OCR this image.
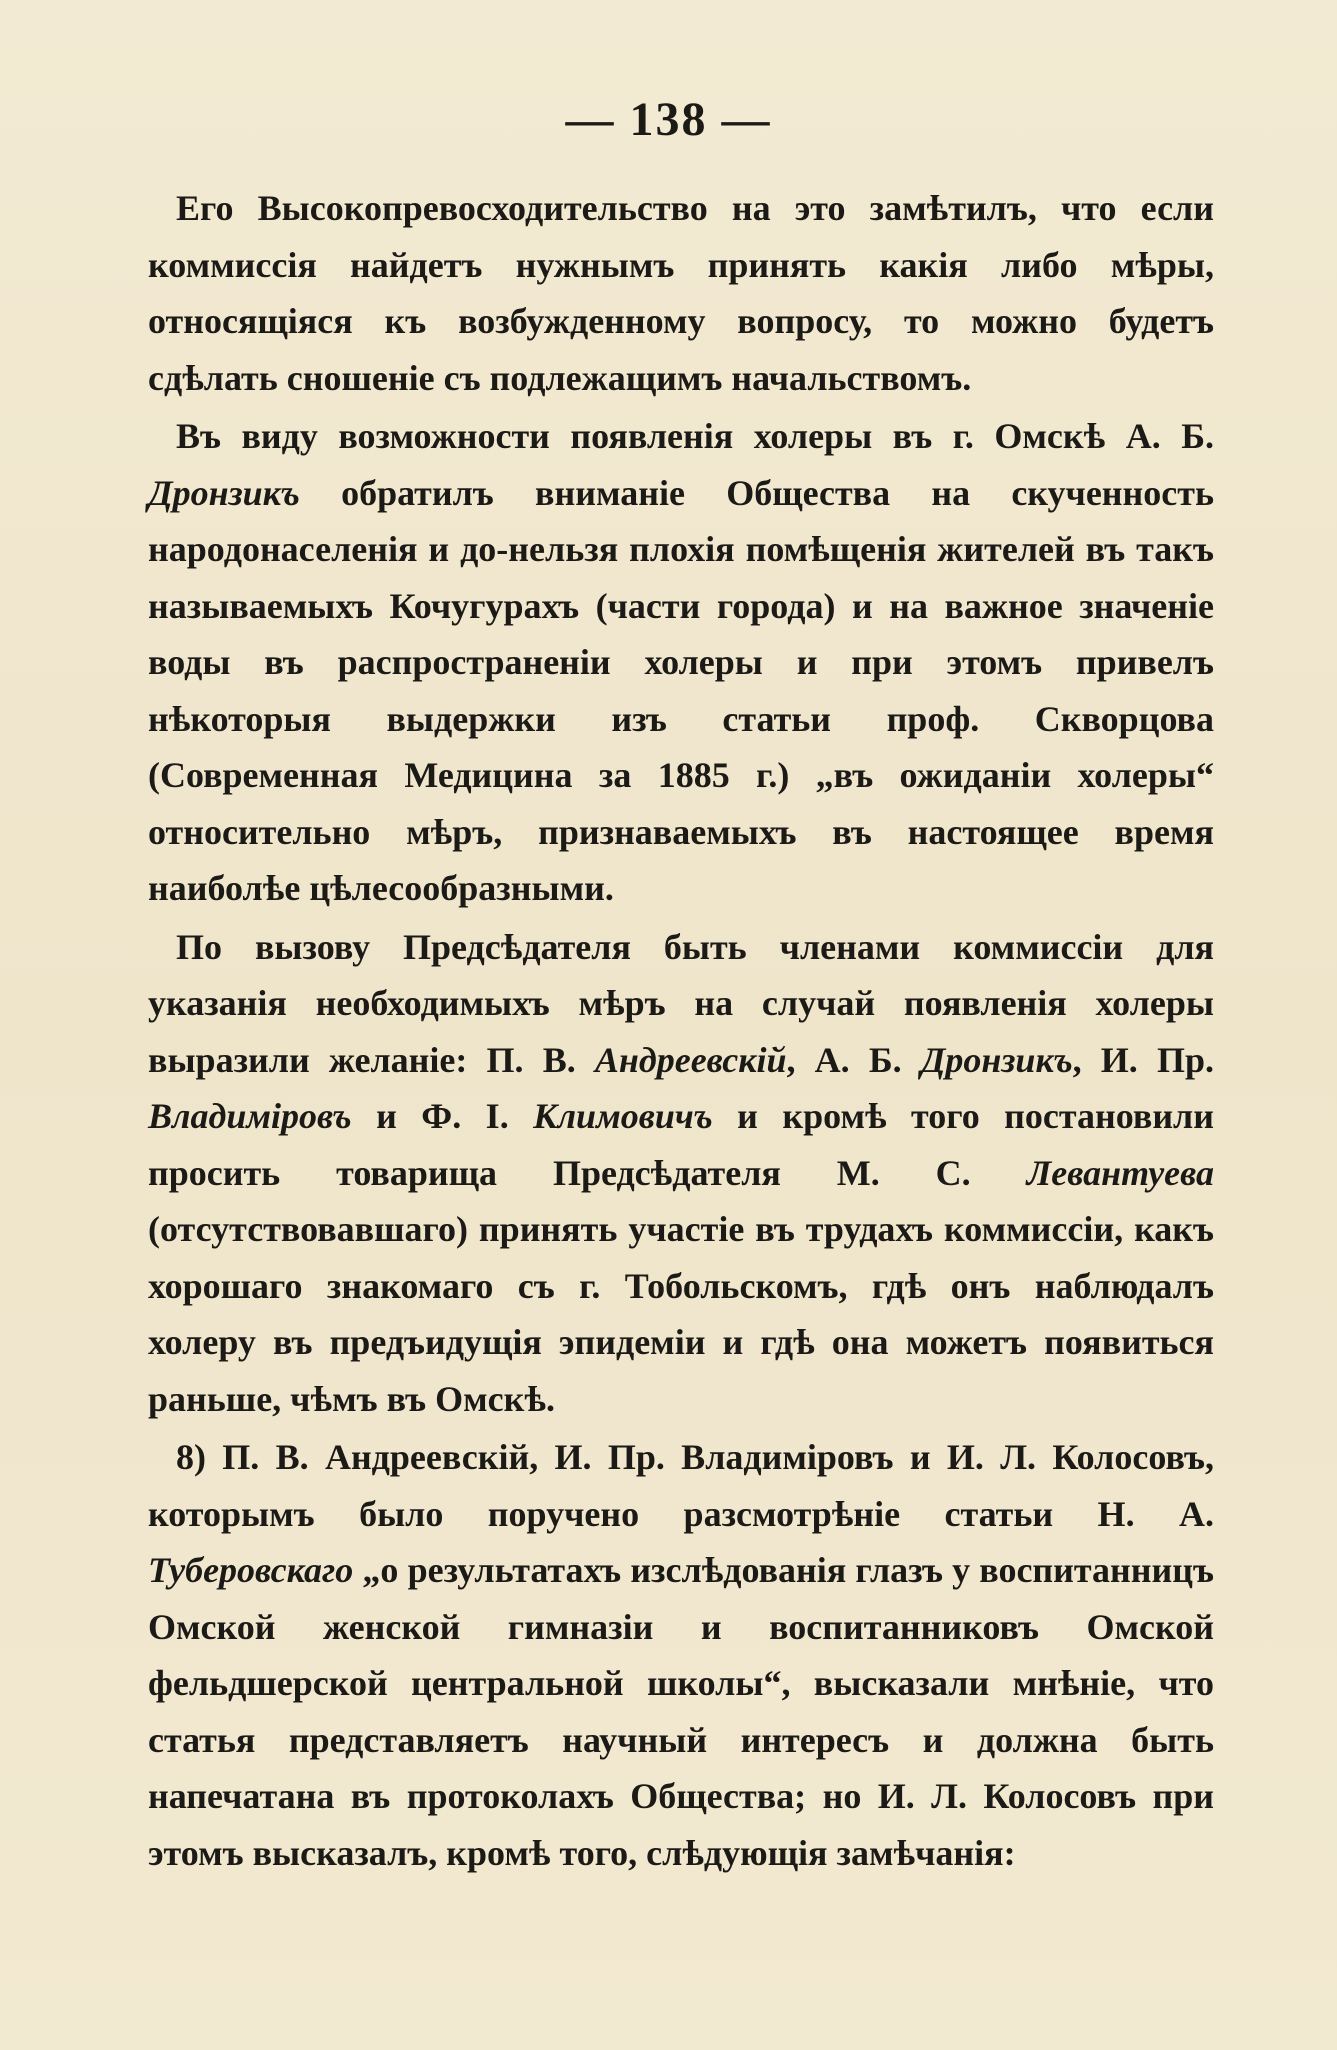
— 138 —

Его Высокопревосходительство на это замѣтилъ, что если коммиссія найдетъ нужнымъ принять какія либо мѣры, относящіяся къ возбужденному вопросу, то можно будетъ сдѣлать сношеніе съ подлежащимъ начальствомъ.

Въ виду возможности появленія холеры въ г. Омскѣ А. Б. Дронзикъ обратилъ вниманіе Общества на скученность народонаселенія и до-нельзя плохія помѣщенія жителей въ такъ называемыхъ Кочугурахъ (части города) и на важное значеніе воды въ распространеніи холеры и при этомъ привелъ нѣкоторыя выдержки изъ статьи проф. Скворцова (Современная Медицина за 1885 г.) „въ ожиданіи холеры“ относительно мѣръ, признаваемыхъ въ настоящее время наиболѣе цѣлесообразными.

По вызову Предсѣдателя быть членами коммиссіи для указанія необходимыхъ мѣръ на случай появленія холеры выразили желаніе: П. В. Андреевскій, А. Б. Дронзикъ, И. Пр. Владиміровъ и Ф. І. Климовичъ и кромѣ того постановили просить товарища Предсѣдателя М. С. Левантуева (отсутствовавшаго) принять участіе въ трудахъ коммиссіи, какъ хорошаго знакомаго съ г. Тобольскомъ, гдѣ онъ наблюдалъ холеру въ предъидущія эпидеміи и гдѣ она можетъ появиться раньше, чѣмъ въ Омскѣ.

8) П. В. Андреевскій, И. Пр. Владиміровъ и И. Л. Колосовъ, которымъ было поручено разсмотрѣніе статьи Н. А. Туберовскаго „о результатахъ изслѣдованія глазъ у воспитанницъ Омской женской гимназіи и воспитанниковъ Омской фельдшерской центральной школы“, высказали мнѣніе, что статья представляетъ научный интересъ и должна быть напечатана въ протоколахъ Общества; но И. Л. Колосовъ при этомъ высказалъ, кромѣ того, слѣдующія замѣчанія:
